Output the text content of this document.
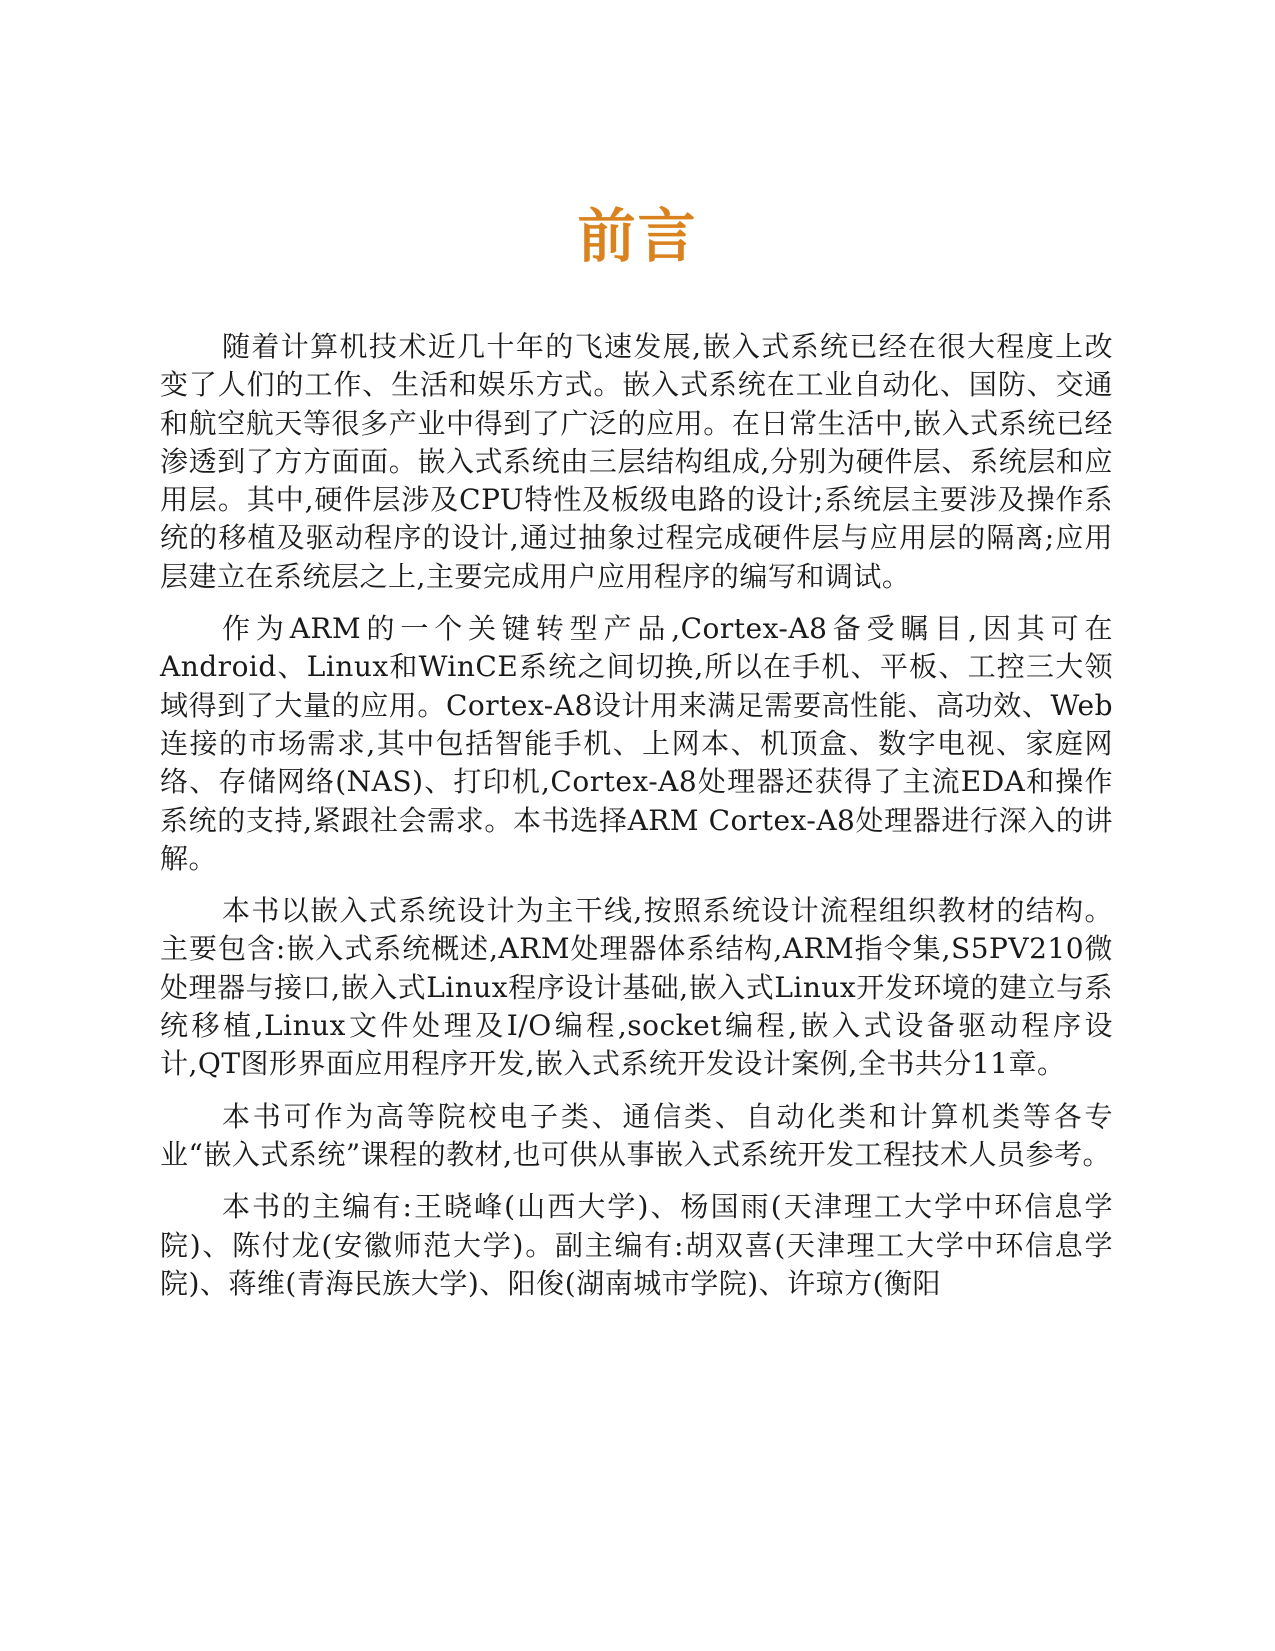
前言

随着计算机技术近几十年的飞速发展,嵌入式系统已经在很大程度上改变了人们的工作、生活和娱乐方式。嵌入式系统在工业自动化、国防、交通和航空航天等很多产业中得到了广泛的应用。在日常生活中,嵌入式系统已经渗透到了方方面面。嵌入式系统由三层结构组成,分别为硬件层、系统层和应用层。其中,硬件层涉及CPU特性及板级电路的设计;系统层主要涉及操作系统的移植及驱动程序的设计,通过抽象过程完成硬件层与应用层的隔离;应用层建立在系统层之上,主要完成用户应用程序的编写和调试。

作为ARM的一个关键转型产品,Cortex-A8备受瞩目,因其可在Android、Linux和WinCE系统之间切换,所以在手机、平板、工控三大领域得到了大量的应用。Cortex-A8设计用来满足需要高性能、高功效、Web连接的市场需求,其中包括智能手机、上网本、机顶盒、数字电视、家庭网络、存储网络(NAS)、打印机,Cortex-A8处理器还获得了主流EDA和操作系统的支持,紧跟社会需求。本书选择ARM Cortex-A8处理器进行深入的讲解。

本书以嵌入式系统设计为主干线,按照系统设计流程组织教材的结构。主要包含:嵌入式系统概述,ARM处理器体系结构,ARM指令集,S5PV210微处理器与接口,嵌入式Linux程序设计基础,嵌入式Linux开发环境的建立与系统移植,Linux文件处理及I/O编程,socket编程,嵌入式设备驱动程序设计,QT图形界面应用程序开发,嵌入式系统开发设计案例,全书共分11章。

本书可作为高等院校电子类、通信类、自动化类和计算机类等各专业“嵌入式系统”课程的教材,也可供从事嵌入式系统开发工程技术人员参考。

本书的主编有:王晓峰(山西大学)、杨国雨(天津理工大学中环信息学院)、陈付龙(安徽师范大学)。副主编有:胡双喜(天津理工大学中环信息学院)、蒋维(青海民族大学)、阳俊(湖南城市学院)、许琼方(衡阳
